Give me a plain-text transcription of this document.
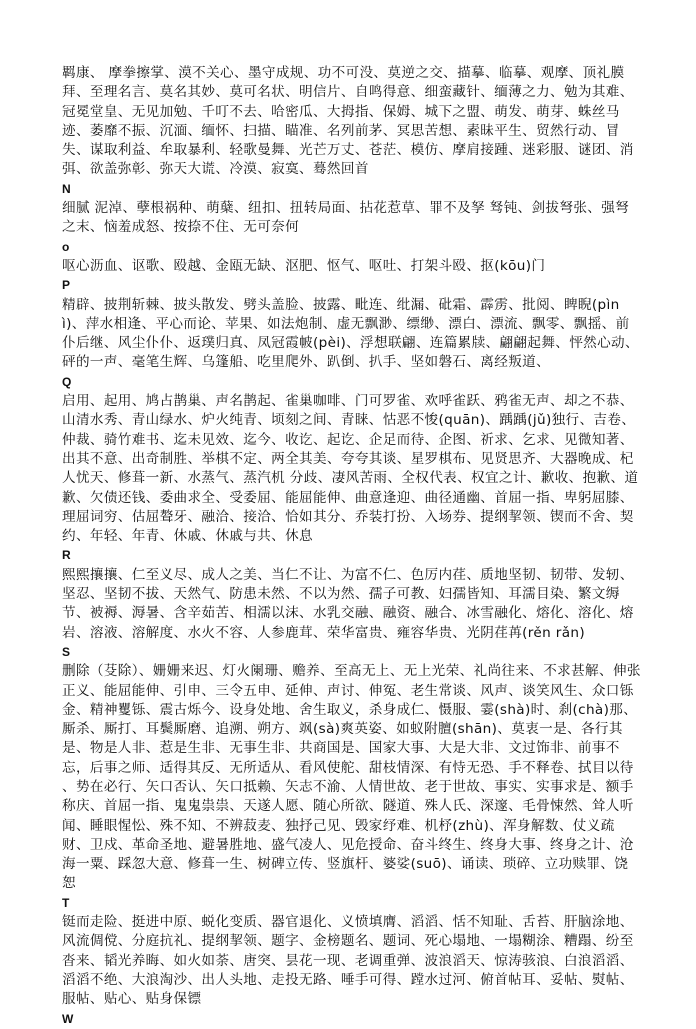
羁康、 摩拳擦掌、漠不关心、墨守成规、功不可没、莫逆之交、描摹、临摹、观摩、顶礼膜拜、至理名言、莫名其妙、莫可名状、明信片、自鸣得意、细蛮藏针、缅薄之力、勉为其难、冠冕堂皇、无见加勉、千叮不去、哈密瓜、大拇指、保姆、城下之盟、萌发、萌芽、蛛丝马迹、萎靡不振、沉湎、缅怀、扫描、瞄准、名列前茅、冥思苦想、素昧平生、贸然行动、冒失、谋取利益、牟取暴利、轻歌曼舞、光芒万丈、苍茫、模仿、摩肩接踵、迷彩服、谜团、消弭、欲盖弥彰、弥天大谎、冷漠、寂寞、蓦然回首

N

细腻 泥淖、孽根祸种、萌蘖、纽扣、扭转局面、拈花惹草、罪不及孥 驽钝、剑拔弩张、强弩之末、恼羞成怒、按捺不住、无可奈何

o

呕心沥血、讴歌、殴越、金瓯无缺、沤肥、怄气、呕吐、打架斗殴、抠(kōu)门

P

精辟、披荆斩棘、披头散发、劈头盖脸、披露、毗连、纰漏、砒霜、霹雳、批阅、睥睨(pìnì)、萍水相逢、平心而论、苹果、如法炮制、虚无飘渺、缥缈、漂白、漂流、飘零、飘摇、前仆后继、风尘仆仆、返璞归真、凤冠霞帔(pèi)、浮想联翩、连篇累牍、翩翩起舞、怦然心动、砰的一声、毫笔生辉、乌篷船、吃里爬外、趴倒、扒手、坚如磐石、离经叛道、

Q

启用、起用、鸠占鹊巢、声名鹊起、雀巢咖啡、门可罗雀、欢呼雀跃、鸦雀无声、却之不恭、山清水秀、青山绿水、炉火纯青、顷刻之间、青睐、怙恶不悛(quān)、踽踽(jǔ)独行、吉卷、仲裁、骑竹难书、迄未见效、迄今、收讫、起讫、企足而待、企图、祈求、乞求、见微知著、出其不意、出奇制胜、举棋不定、两全其美、夸夸其谈、星罗棋布、见贤思齐、大器晚成、杞人忧天、修葺一新、水蒸气、蒸汽机 分歧、凄风苦雨、全权代表、权宜之计、歉收、抱歉、道歉、欠债还钱、委曲求全、受委屈、能屈能伸、曲意逢迎、曲径通幽、首屈一指、卑躬屈膝、理屈词穷、估屈聱牙、融洽、接洽、恰如其分、乔装打扮、入场券、提纲挈领、锲而不舍、契约、年轻、年青、休戚、休戚与共、休息

R

熙熙攘攘、仁至义尽、成人之美、当仁不让、为富不仁、色厉内荏、质地坚韧、韧带、发轫、坚忍、坚韧不拔、天然气、防患未然、不以为然、孺子可教、妇孺皆知、耳濡目染、繁文缛节、被褥、溽暑、含辛茹苦、相濡以沫、水乳交融、融资、融合、冰雪融化、熔化、溶化、熔岩、溶液、溶解度、水火不容、人参鹿茸、荣华富贵、雍容华贵、光阴荏苒(rěn rǎn)

S

删除（芟除）、姗姗来迟、灯火阑珊、赡养、至高无上、无上光荣、礼尚往来、不求甚解、伸张正义、能屈能伸、引申、三令五申、延伸、声讨、伸冤、老生常谈、风声、谈笑风生、众口铄金、精神矍铄、震古烁今、设身处地、舍生取义，杀身成仁、慑服、霎(shà)时、刹(chà)那、厮杀、厮打、耳鬓厮磨、追溯、朔方、飒(sà)爽英姿、如蚁附膻(shān)、莫衷一是、各行其是、物是人非、惹是生非、无事生非、共商国是、国家大事、大是大非、文过饰非、前事不忘，后事之师、适得其反、无所适从、看风使舵、甜枝情深、有恃无恐、手不释卷、拭目以待 、势在必行、矢口否认、矢口抵赖、矢志不渝、人情世故、老于世故、事实、实事求是、额手称庆、首屈一指、鬼鬼祟祟、天遂人愿、随心所欲、隧道、殊人氏、深邃、毛骨悚然、耸人听闻、睡眼惺忪、殊不知、不辨菽麦、独抒己见、毁家纾难、机杼(zhù)、浑身解数、仗义疏财、卫戍、革命圣地、避暑胜地、盛气凌人、见危授命、奋斗终生、终身大事、终身之计、沧海一粟、踩忽大意、修葺一生、树碑立传、竖旗杆、婆娑(suō)、诵读、琐碎、立功赎罪、饶恕

T

铤而走险、挺进中原、蜕化变质、器官退化、义愤填膺、滔滔、恬不知耻、舌苔、肝脑涂地、风流倜傥、分庭抗礼、提纲挈领、题字、金榜题名、题词、死心塌地、一塌糊涂、糟蹋、纷至沓来、韬光养晦、如火如荼、唐突、昙花一现、老调重弹、波浪滔天、惊涛骇浪、白浪滔滔、滔滔不绝、大浪淘沙、出人头地、走投无路、唾手可得、蹚水过河、俯首帖耳、妥帖、熨帖、服帖、贴心、贴身保镖

W
